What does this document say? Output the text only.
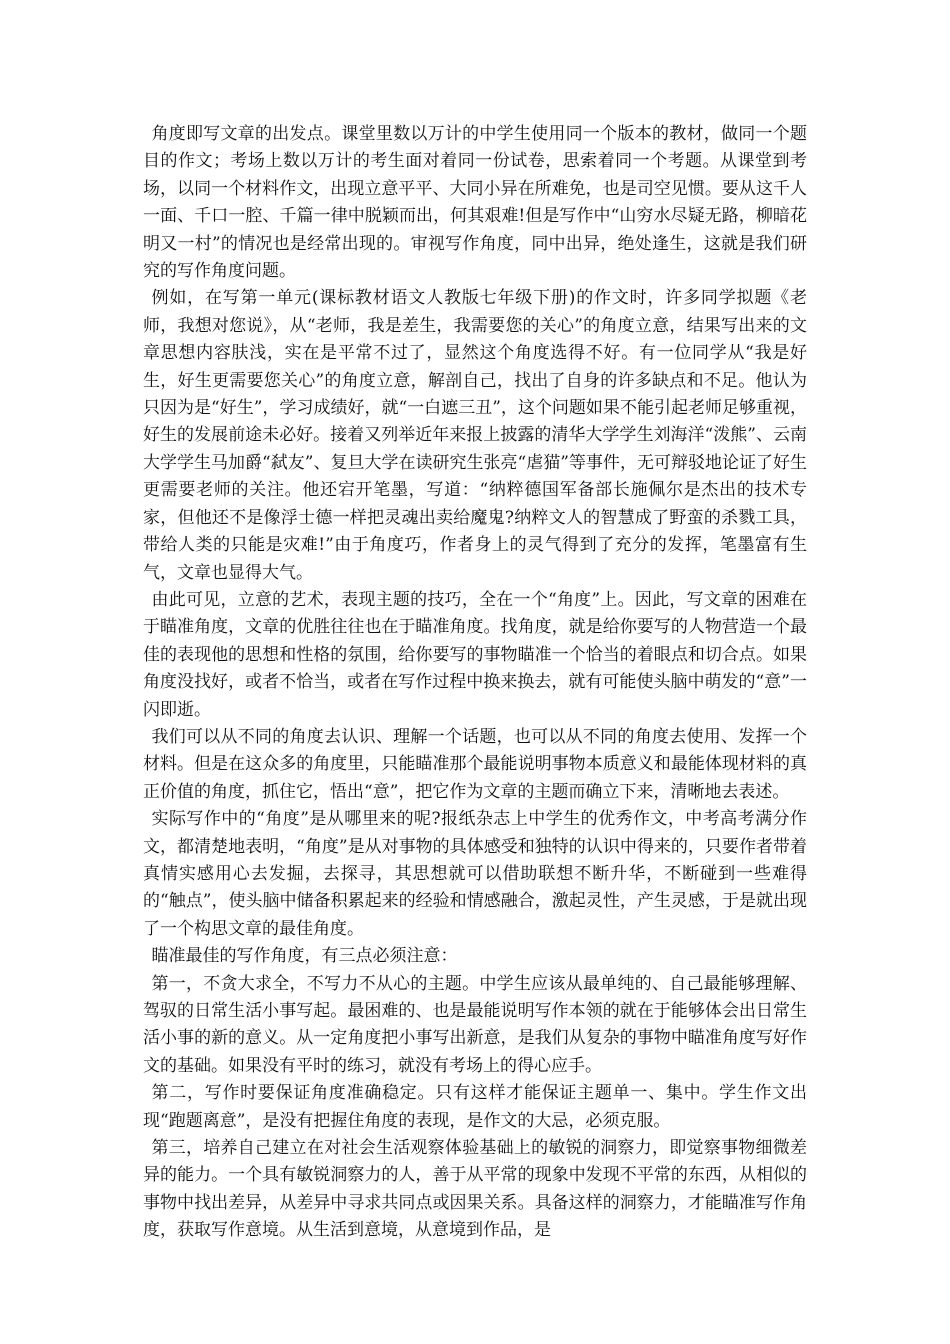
角度即写文章的出发点。课堂里数以万计的中学生使用同一个版本的教材，做同一个题目的作文；考场上数以万计的考生面对着同一份试卷，思索着同一个考题。从课堂到考场，以同一个材料作文，出现立意平平、大同小异在所难免，也是司空见惯。要从这千人一面、千口一腔、千篇一律中脱颖而出，何其艰难!但是写作中“山穷水尽疑无路，柳暗花明又一村”的情况也是经常出现的。审视写作角度，同中出异，绝处逢生，这就是我们研究的写作角度问题。

例如，在写第一单元(课标教材语文人教版七年级下册)的作文时，许多同学拟题《老师，我想对您说》，从“老师，我是差生，我需要您的关心”的角度立意，结果写出来的文章思想内容肤浅，实在是平常不过了，显然这个角度选得不好。有一位同学从“我是好生，好生更需要您关心”的角度立意，解剖自己，找出了自身的许多缺点和不足。他认为只因为是“好生”，学习成绩好，就“一白遮三丑”，这个问题如果不能引起老师足够重视，好生的发展前途未必好。接着又列举近年来报上披露的清华大学学生刘海洋“泼熊”、云南大学学生马加爵“弑友”、复旦大学在读研究生张亮“虐猫”等事件，无可辩驳地论证了好生更需要老师的关注。他还宕开笔墨，写道：“纳粹德国军备部长施佩尔是杰出的技术专家，但他还不是像浮士德一样把灵魂出卖给魔鬼?纳粹文人的智慧成了野蛮的杀戮工具，带给人类的只能是灾难!”由于角度巧，作者身上的灵气得到了充分的发挥，笔墨富有生气，文章也显得大气。

由此可见，立意的艺术，表现主题的技巧，全在一个“角度”上。因此，写文章的困难在于瞄准角度，文章的优胜往往也在于瞄准角度。找角度，就是给你要写的人物营造一个最佳的表现他的思想和性格的氛围，给你要写的事物瞄准一个恰当的着眼点和切合点。如果角度没找好，或者不恰当，或者在写作过程中换来换去，就有可能使头脑中萌发的“意”一闪即逝。

我们可以从不同的角度去认识、理解一个话题，也可以从不同的角度去使用、发挥一个材料。但是在这众多的角度里，只能瞄准那个最能说明事物本质意义和最能体现材料的真正价值的角度，抓住它，悟出“意”，把它作为文章的主题而确立下来，清晰地去表述。

实际写作中的“角度”是从哪里来的呢?报纸杂志上中学生的优秀作文，中考高考满分作文，都清楚地表明，“角度”是从对事物的具体感受和独特的认识中得来的，只要作者带着真情实感用心去发掘，去探寻，其思想就可以借助联想不断升华，不断碰到一些难得的“触点”，使头脑中储备积累起来的经验和情感融合，激起灵性，产生灵感，于是就出现了一个构思文章的最佳角度。

瞄准最佳的写作角度，有三点必须注意：

第一，不贪大求全，不写力不从心的主题。中学生应该从最单纯的、自己最能够理解、驾驭的日常生活小事写起。最困难的、也是最能说明写作本领的就在于能够体会出日常生活小事的新的意义。从一定角度把小事写出新意，是我们从复杂的事物中瞄准角度写好作文的基础。如果没有平时的练习，就没有考场上的得心应手。

第二，写作时要保证角度准确稳定。只有这样才能保证主题单一、集中。学生作文出现“跑题离意”，是没有把握住角度的表现，是作文的大忌，必须克服。

第三，培养自己建立在对社会生活观察体验基础上的敏锐的洞察力，即觉察事物细微差异的能力。一个具有敏锐洞察力的人，善于从平常的现象中发现不平常的东西，从相似的事物中找出差异，从差异中寻求共同点或因果关系。具备这样的洞察力，才能瞄准写作角度，获取写作意境。从生活到意境，从意境到作品，是
